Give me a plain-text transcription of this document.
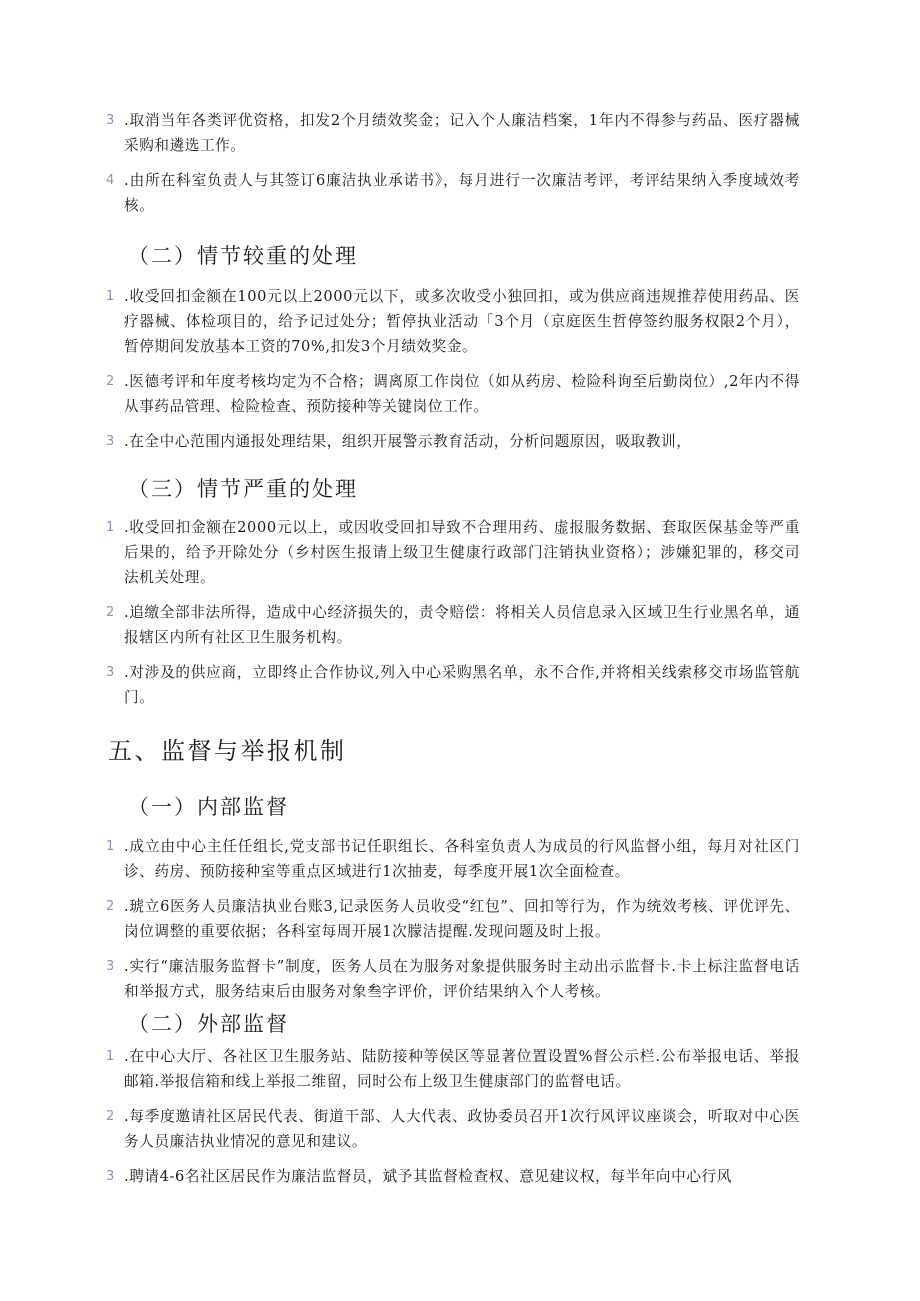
3 .取消当年各类评优资格，扣发2个月绩效奖金；记入个人廉洁档案，1年内不得参与药品、医疗器械采购和遴选工作。

4 .由所在科室负责人与其签订6廉洁执业承诺书》，每月进行一次廉洁考评，考评结果纳入季度域效考核。

（二）情节较重的处理

1 .收受回扣金额在100元以上2000元以下，或多次收受小独回扣，或为供应商违规推荐使用药品、医疗器械、体检项目的，给予记过处分；暂停执业活动「3个月（京庭医生哲停签约服务权限2个月），暂停期间发放基本工资的70%,扣发3个月绩效奖金。

2 .医德考评和年度考核均定为不合格；调离原工作岗位（如从药房、检险科询至后勤岗位）,2年内不得从事药品管理、检险检查、预防接种等关键岗位工作。

3 .在全中心范围内通报处理结果，组织开展警示教育活动，分析问题原因，吸取教训，

（三）情节严重的处理

1 .收受回扣金额在2000元以上，或因收受回扣导致不合理用药、虚报服务数据、套取医保基金等严重后果的，给予开除处分（乡村医生报请上级卫生健康行政部门注销执业资格）；涉嫌犯罪的，移交司法机关处理。

2 .追缴全部非法所得，造成中心经济损失的，责令赔偿：将相关人员信息录入区域卫生行业黑名单，通报辖区内所有社区卫生服务机构。

3 .对涉及的供应商，立即终止合作协议,列入中心采购黑名单，永不合作,并将相关线索移交市场监管航门。

五、监督与举报机制
（一）内部监督

1 .成立由中心主任任组长,党支部书记任职组长、各科室负责人为成员的行风监督小组，每月对社区门诊、药房、预防接种室等重点区域进行1次抽麦，每季度开展1次全面检查。

2 .琥立6医务人员廉洁执业台账3,记录医务人员收受“红包”、回扣等行为，作为统效考核、评优评先、岗位调整的重要依据；各科室每周开展1次朦洁提醒.发现问题及时上报。

3 .实行“廉洁服务监督卡”制度，医务人员在为服务对象提供服务时主动出示监督卡.卡上标注监督电话和举报方式，服务结束后由服务对象叁字评价，评价结果纳入个人考核。

（二）外部监督

1 .在中心大厅、各社区卫生服务站、陆防接种等侯区等显著位置设置%督公示栏.公布举报电话、举报邮箱.举报信箱和线上举报二维留，同时公布上级卫生健康部门的监督电话。

2 .每季度邀请社区居民代表、街道干部、人大代表、政协委员召开1次行风评议座谈会，听取对中心医务人员廉洁执业情况的意见和建议。

3 .聘请4-6名社区居民作为廉洁监督员，斌予其监督检查权、意见建议权，每半年向中心行风
